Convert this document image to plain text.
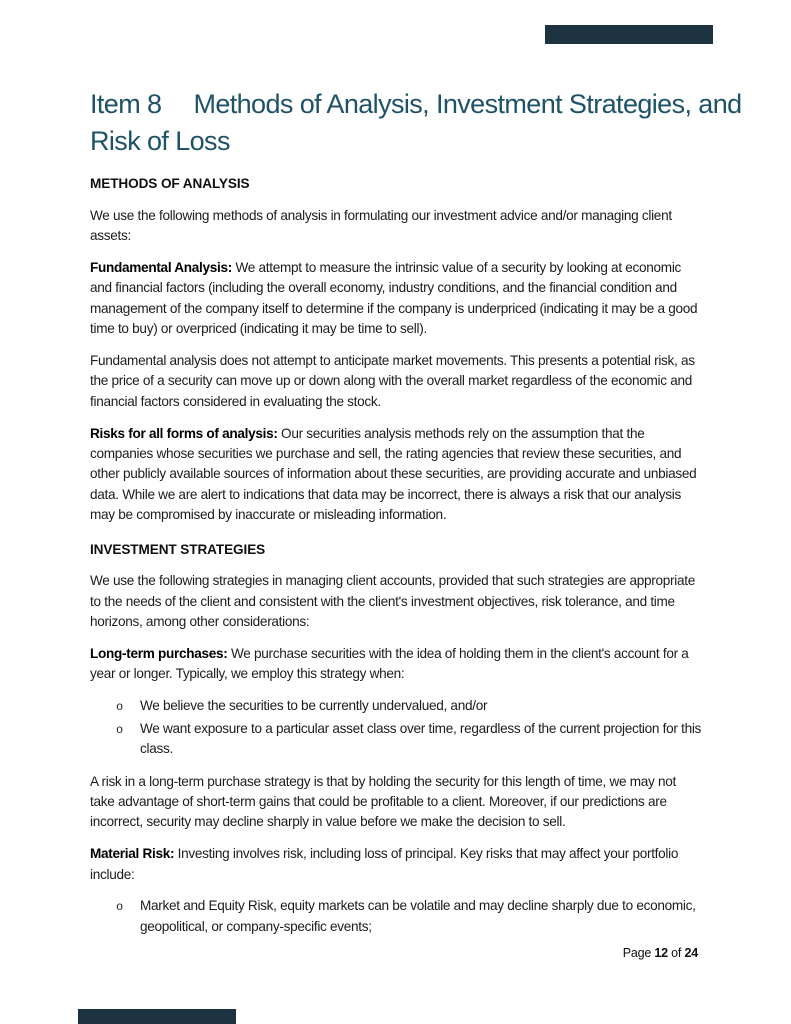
Item 8 Methods of Analysis, Investment Strategies, and
Risk of Loss
METHODS OF ANALYSIS

We use the following methods of analysis in formulating our investment advice and/or managing client assets:

Fundamental Analysis: We attempt to measure the intrinsic value of a security by looking at economic and financial factors (including the overall economy, industry conditions, and the financial condition and management of the company itself to determine if the company is underpriced (indicating it may be a good time to buy) or overpriced (indicating it may be time to sell).

Fundamental analysis does not attempt to anticipate market movements. This presents a potential risk, as the price of a security can move up or down along with the overall market regardless of the economic and financial factors considered in evaluating the stock.

Risks for all forms of analysis: Our securities analysis methods rely on the assumption that the companies whose securities we purchase and sell, the rating agencies that review these securities, and other publicly available sources of information about these securities, are providing accurate and unbiased data. While we are alert to indications that data may be incorrect, there is always a risk that our analysis may be compromised by inaccurate or misleading information.

INVESTMENT STRATEGIES

We use the following strategies in managing client accounts, provided that such strategies are appropriate to the needs of the client and consistent with the client's investment objectives, risk tolerance, and time horizons, among other considerations:

Long-term purchases: We purchase securities with the idea of holding them in the client's account for a year or longer. Typically, we employ this strategy when:

o We believe the securities to be currently undervalued, and/or
o We want exposure to a particular asset class over time, regardless of the current projection for this class.

A risk in a long-term purchase strategy is that by holding the security for this length of time, we may not take advantage of short-term gains that could be profitable to a client. Moreover, if our predictions are incorrect, security may decline sharply in value before we make the decision to sell.

Material Risk: Investing involves risk, including loss of principal. Key risks that may affect your portfolio include:

o Market and Equity Risk, equity markets can be volatile and may decline sharply due to economic, geopolitical, or company-specific events;
Page 12 of 24
